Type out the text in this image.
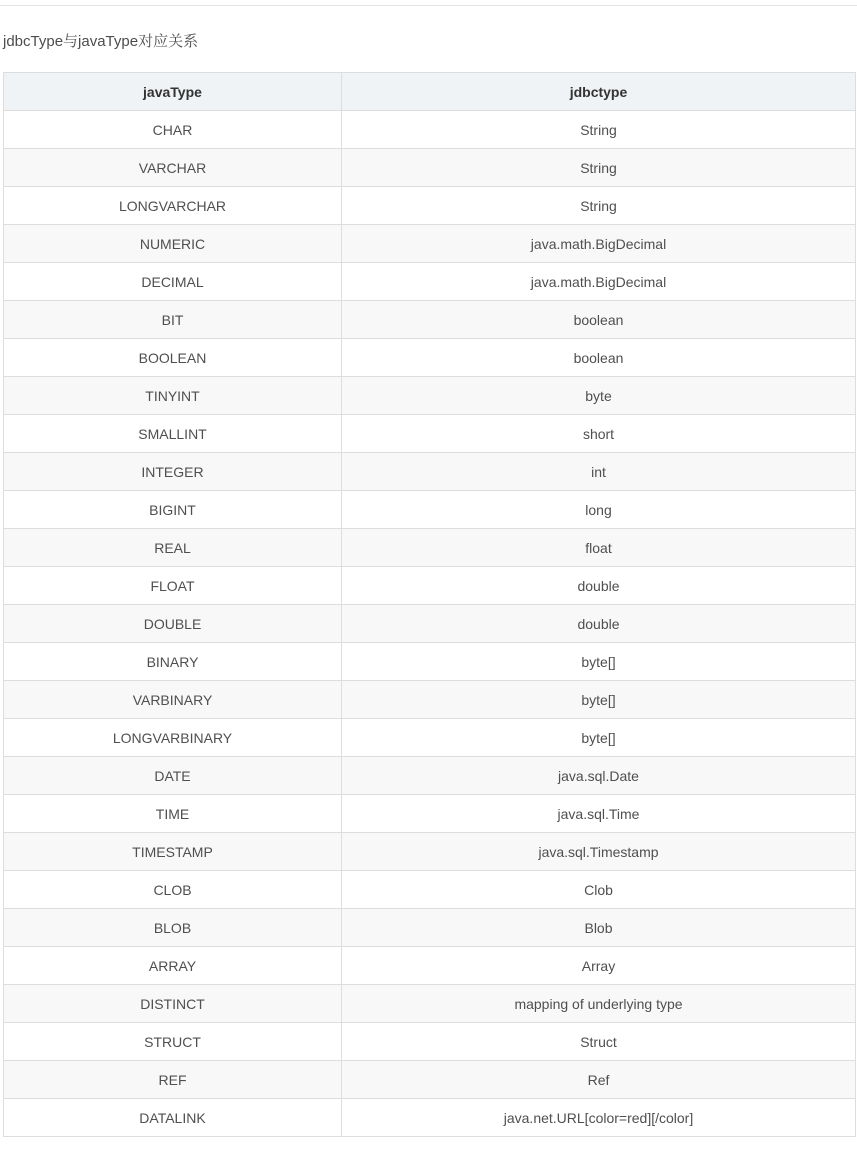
jdbcType与javaType对应关系
javaType	jdbctype
CHAR	String
VARCHAR	String
LONGVARCHAR	String
NUMERIC	java.math.BigDecimal
DECIMAL	java.math.BigDecimal
BIT	boolean
BOOLEAN	boolean
TINYINT	byte
SMALLINT	short
INTEGER	int
BIGINT	long
REAL	float
FLOAT	double
DOUBLE	double
BINARY	byte[]
VARBINARY	byte[]
LONGVARBINARY	byte[]
DATE	java.sql.Date
TIME	java.sql.Time
TIMESTAMP	java.sql.Timestamp
CLOB	Clob
BLOB	Blob
ARRAY	Array
DISTINCT	mapping of underlying type
STRUCT	Struct
REF	Ref
DATALINK	java.net.URL[color=red][/color]
